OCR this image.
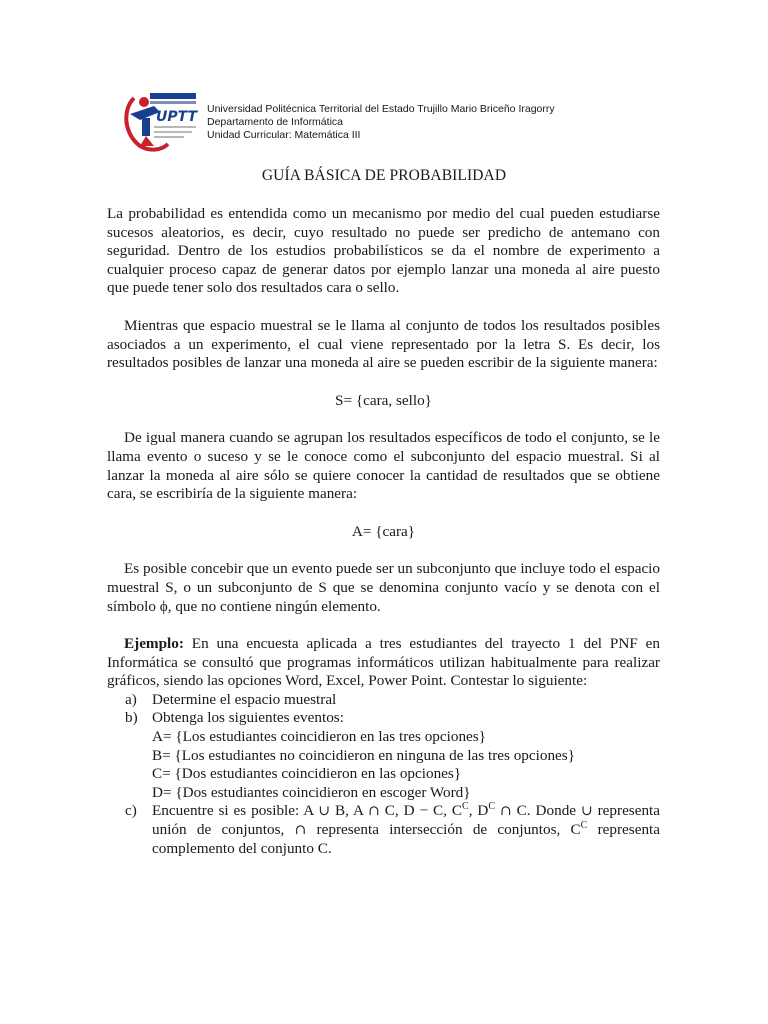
UPTT Universidad Politécnica Territorial del Estado Trujillo Mario Briceño Iragorry
Departamento de Informática
Unidad Curricular: Matemática III
GUÍA BÁSICA DE PROBABILIDAD

La probabilidad es entendida como un mecanismo por medio del cual pueden estudiarse sucesos aleatorios, es decir, cuyo resultado no puede ser predicho de antemano con seguridad. Dentro de los estudios probabilísticos se da el nombre de experimento a cualquier proceso capaz de generar datos por ejemplo lanzar una moneda al aire puesto que puede tener solo dos resultados cara o sello.

Mientras que espacio muestral se le llama al conjunto de todos los resultados posibles asociados a un experimento, el cual viene representado por la letra S. Es decir, los resultados posibles de lanzar una moneda al aire se pueden escribir de la siguiente manera:

S= {cara, sello}

De igual manera cuando se agrupan los resultados específicos de todo el conjunto, se le llama evento o suceso y se le conoce como el subconjunto del espacio muestral. Si al lanzar la moneda al aire sólo se quiere conocer la cantidad de resultados que se obtiene cara, se escribiría de la siguiente manera:

A= {cara}

Es posible concebir que un evento puede ser un subconjunto que incluye todo el espacio muestral S, o un subconjunto de S que se denomina conjunto vacío y se denota con el símbolo ϕ, que no contiene ningún elemento.

Ejemplo: En una encuesta aplicada a tres estudiantes del trayecto 1 del PNF en Informática se consultó que programas informáticos utilizan habitualmente para realizar gráficos, siendo las opciones Word, Excel, Power Point. Contestar lo siguiente:

a) Determine el espacio muestral
b) Obtenga los siguientes eventos:
A= {Los estudiantes coincidieron en las tres opciones}
B= {Los estudiantes no coincidieron en ninguna de las tres opciones}
C= {Dos estudiantes coincidieron en las opciones}
D= {Dos estudiantes coincidieron en escoger Word}
c) Encuentre si es posible: A ∪ B, A ∩ C, D − C, $C^C$, $D^C$ ∩ C. Donde ∪ representa unión de conjuntos, ∩ representa intersección de conjuntos, $C^C$ representa complemento del conjunto C.
